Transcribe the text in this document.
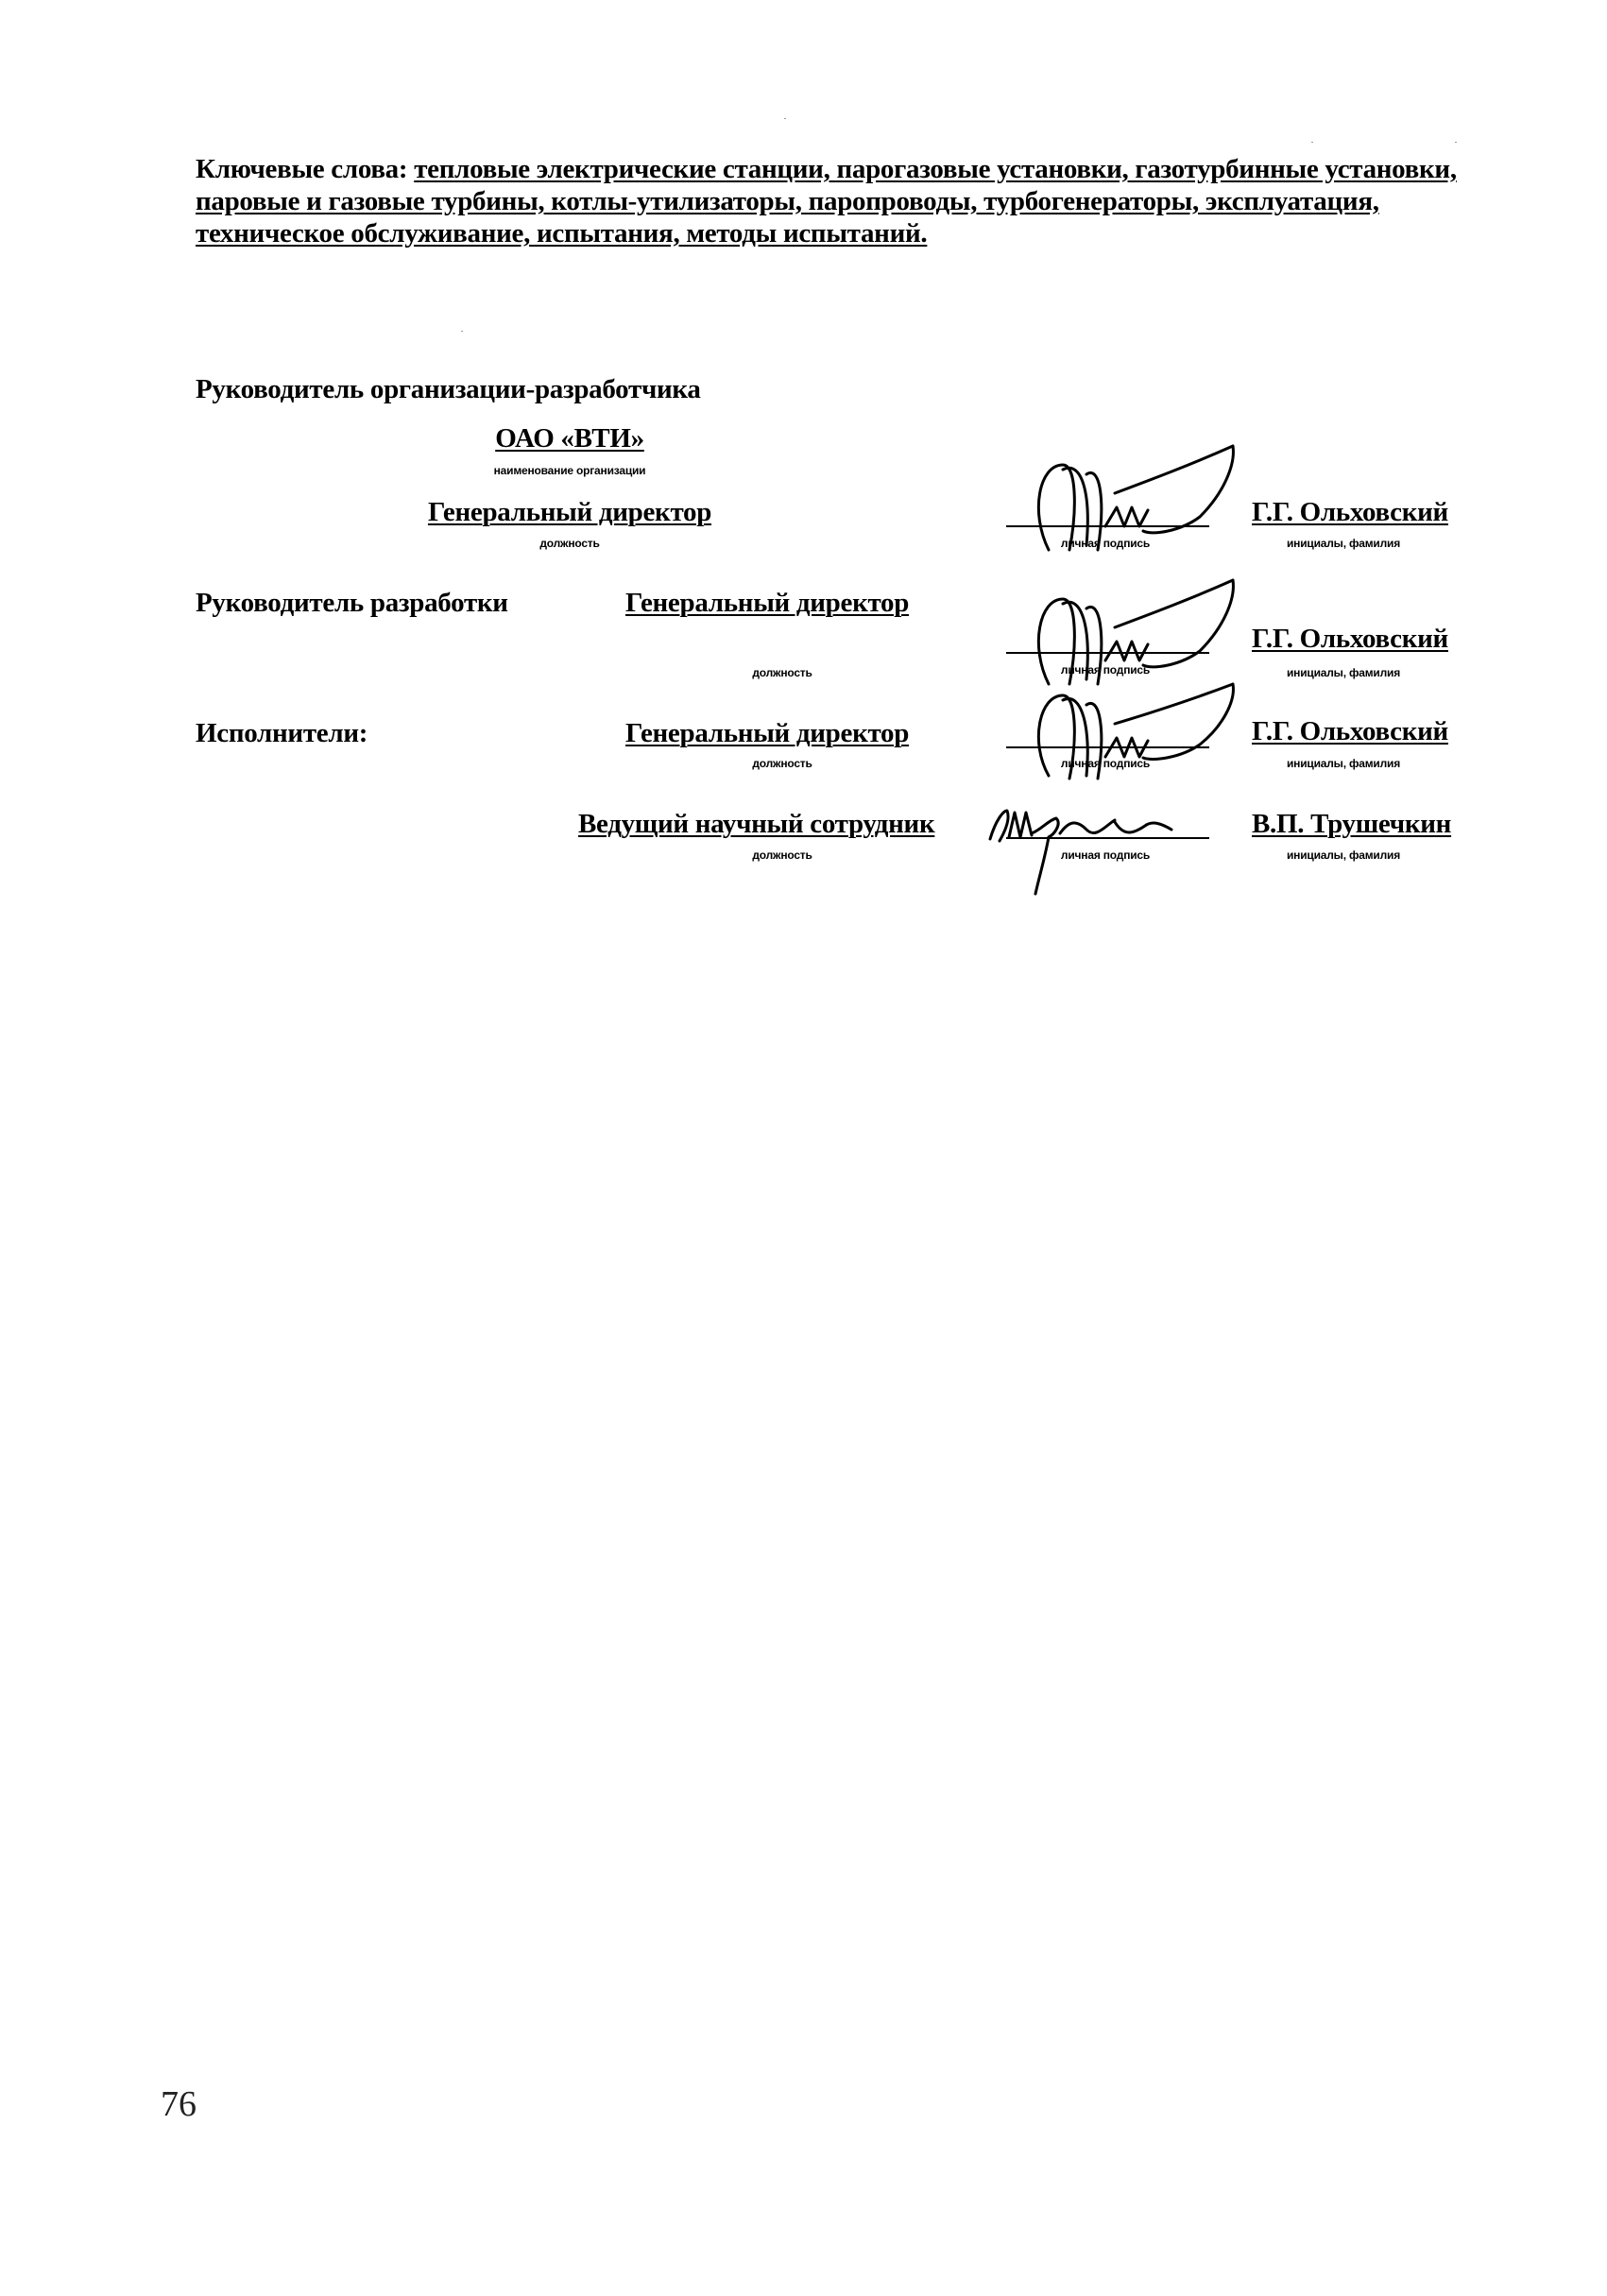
Ключевые слова: тепловые электрические станции, парогазовые установки, газотурбинные установки, паровые и газовые турбины, котлы-утилизаторы, паропроводы, турбогенераторы, эксплуатация, техническое обслуживание, испытания, методы испытаний.
Руководитель организации-разработчика
ОАО «ВТИ»
наименование организации
Генеральный директор
должность	личная подпись
Г.Г. Ольховский
инициалы, фамилия
Руководитель разработки	Генеральный директор
должность	личная подпись
Г.Г. Ольховский
инициалы, фамилия
Исполнители:	Генеральный директор
должность	личная подпись
Г.Г. Ольховский
инициалы, фамилия
Ведущий научный сотрудник
должность	личная подпись
В.П. Трушечкин
инициалы, фамилия
76
